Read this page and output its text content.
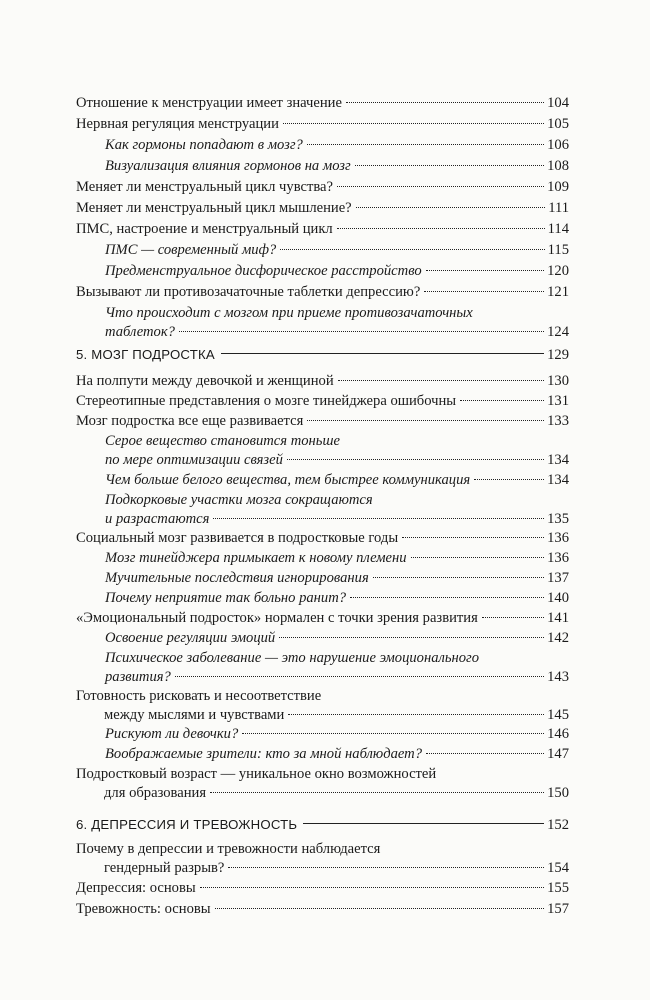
Отношение к менструации имеет значение	104
Нервная регуляция менструации	105
Как гормоны попадают в мозг?	106
Визуализация влияния гормонов на мозг	108
Меняет ли менструальный цикл чувства?	109
Меняет ли менструальный цикл мышление?	111
ПМС, настроение и менструальный цикл	114
ПМС — современный миф?	115
Предменструальное дисфорическое расстройство	120
Вызывают ли противозачаточные таблетки депрессию?	121
Что происходит с мозгом при приеме противозачаточных
таблеток?	124
5. МОЗГ ПОДРОСТКА	129
На полпути между девочкой и женщиной	130
Стереотипные представления о мозге тинейджера ошибочны	131
Мозг подростка все еще развивается	133
Серое вещество становится тоньше
по мере оптимизации связей	134
Чем больше белого вещества, тем быстрее коммуникация	134
Подкорковые участки мозга сокращаются
и разрастаются	135
Социальный мозг развивается в подростковые годы	136
Мозг тинейджера примыкает к новому племени	136
Мучительные последствия игнорирования	137
Почему неприятие так больно ранит?	140
«Эмоциональный подросток» нормален с точки зрения развития	141
Освоение регуляции эмоций	142
Психическое заболевание — это нарушение эмоционального
развития?	143
Готовность рисковать и несоответствие
между мыслями и чувствами	145
Рискуют ли девочки?	146
Воображаемые зрители: кто за мной наблюдает?	147
Подростковый возраст — уникальное окно возможностей
для образования	150
6. ДЕПРЕССИЯ И ТРЕВОЖНОСТЬ	152
Почему в депрессии и тревожности наблюдается
гендерный разрыв?	154
Депрессия: основы	155
Тревожность: основы	157
